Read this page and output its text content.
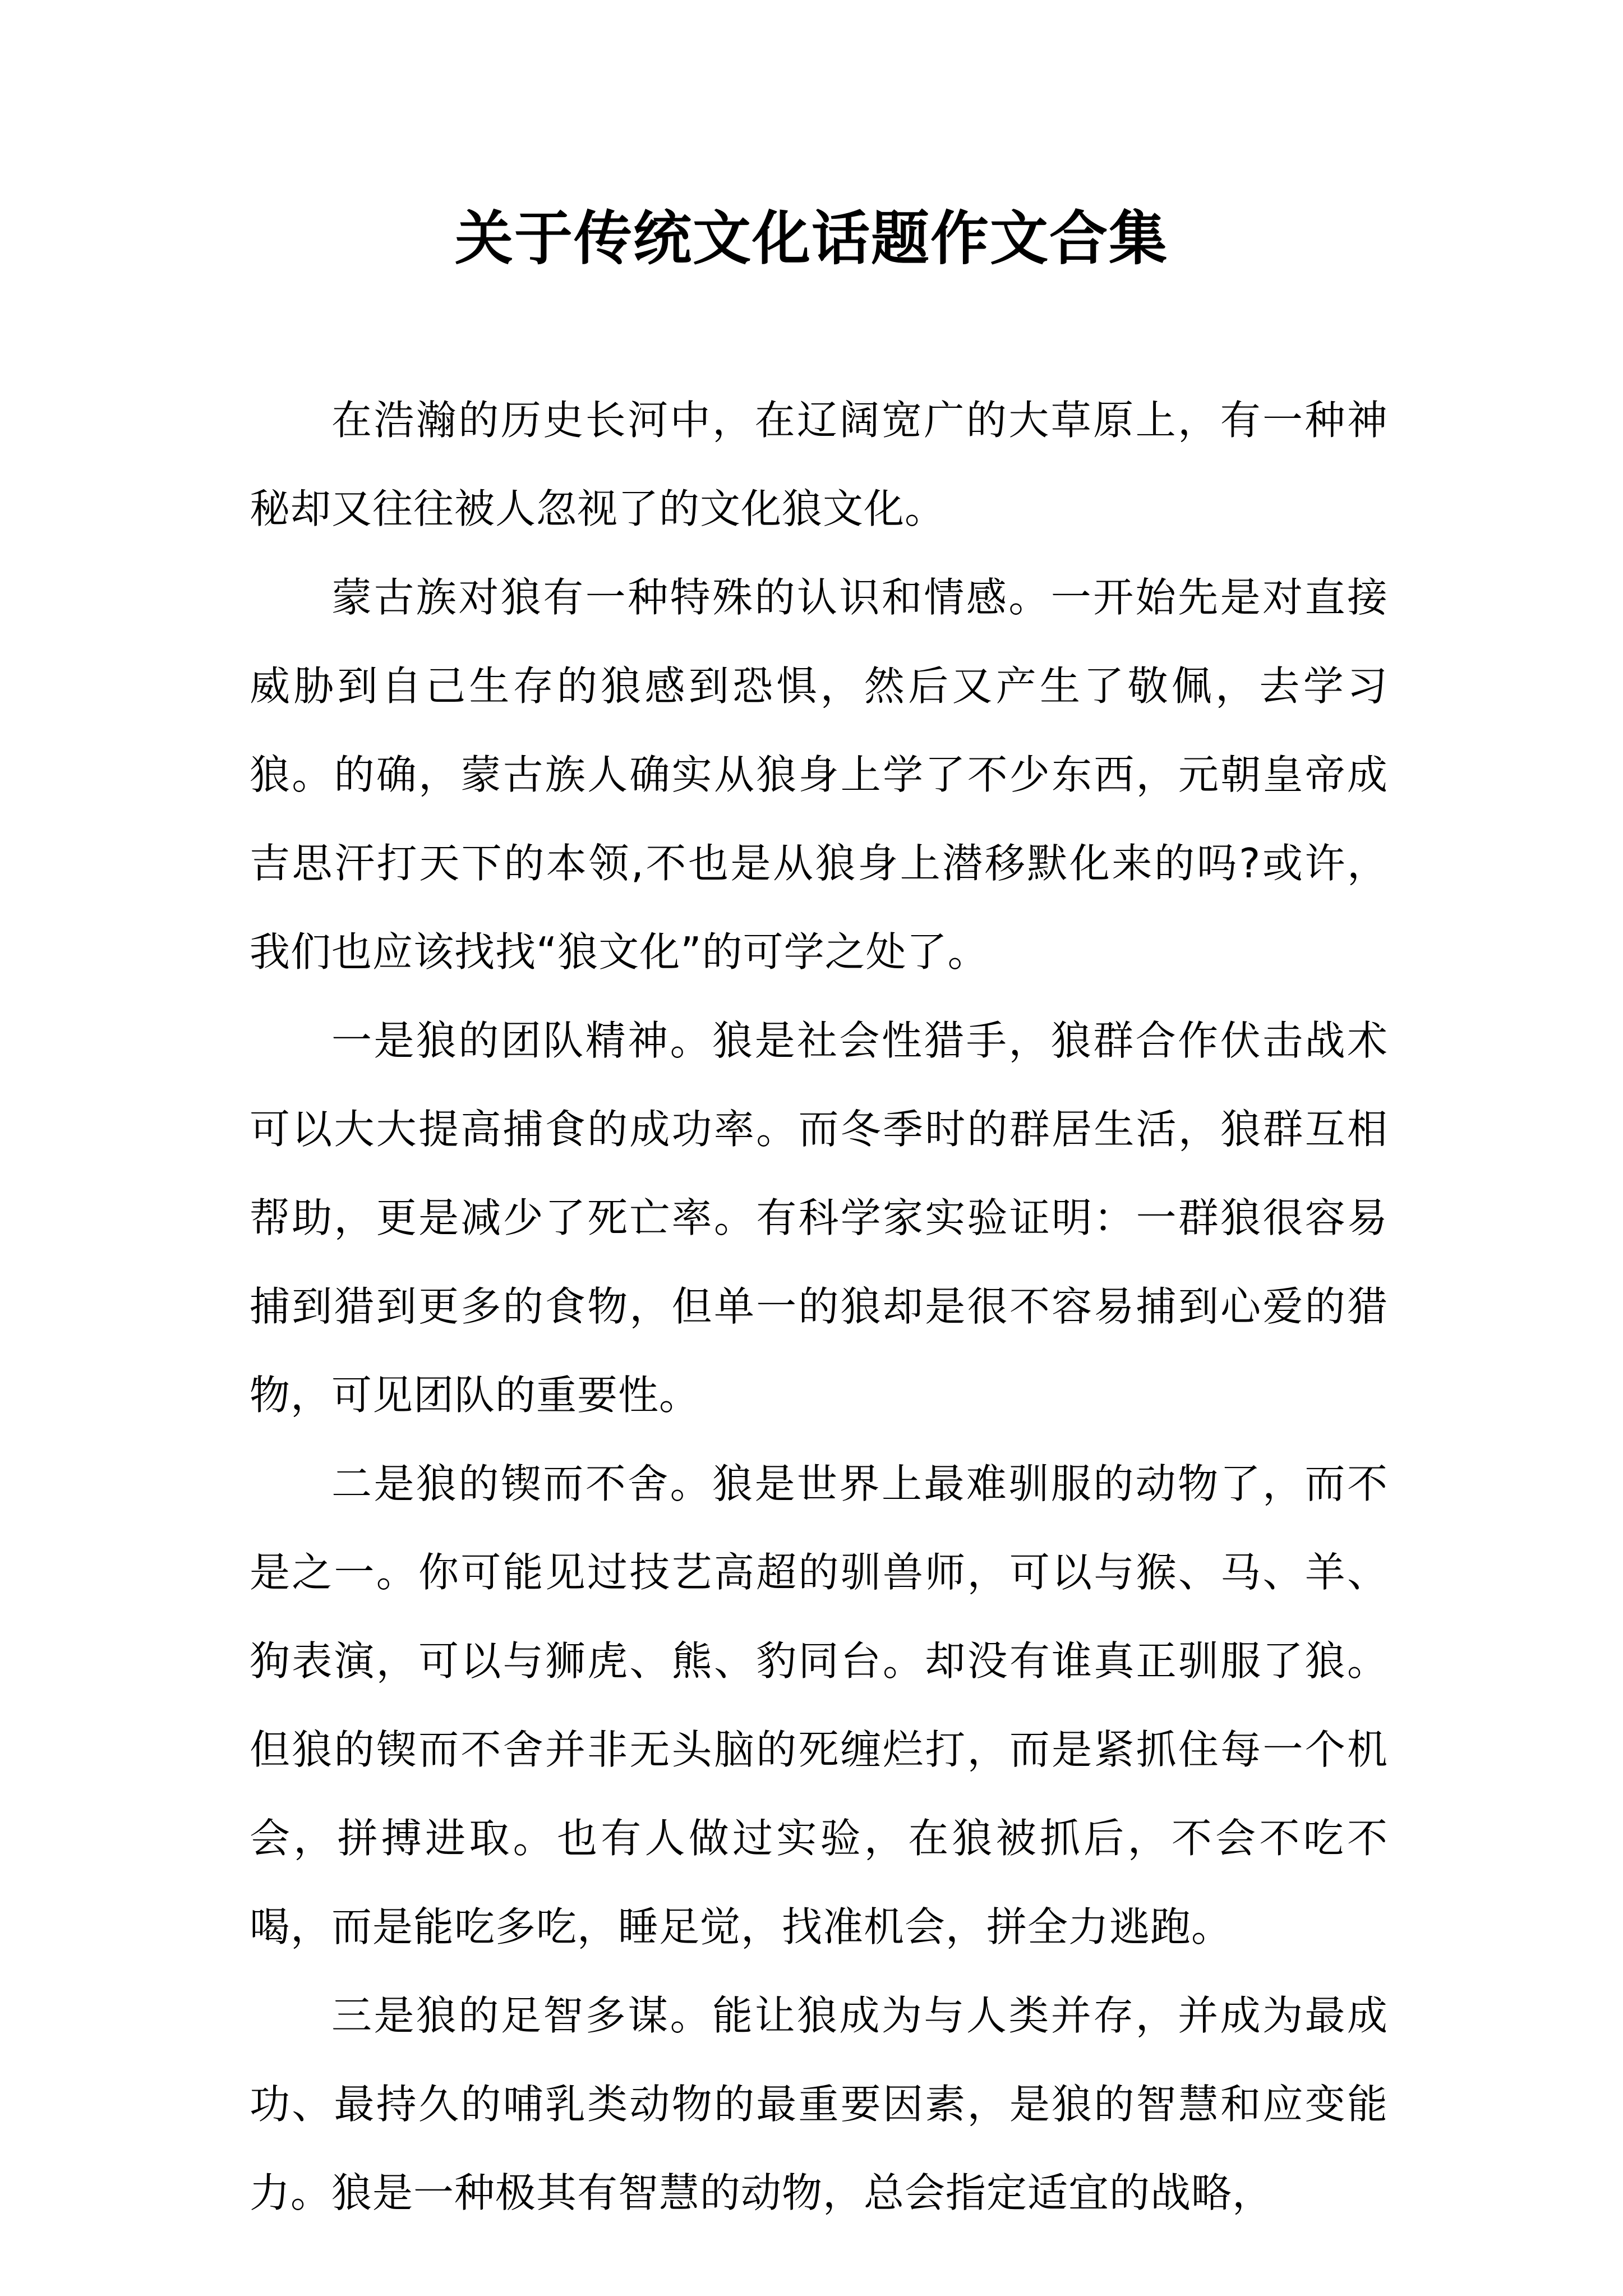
关于传统文化话题作文合集

在浩瀚的历史长河中，在辽阔宽广的大草原上，有一种神秘却又往往被人忽视了的文化狼文化。

蒙古族对狼有一种特殊的认识和情感。一开始先是对直接威胁到自己生存的狼感到恐惧，然后又产生了敬佩，去学习狼。的确，蒙古族人确实从狼身上学了不少东西，元朝皇帝成吉思汗打天下的本领,不也是从狼身上潜移默化来的吗?或许，我们也应该找找“狼文化”的可学之处了。

一是狼的团队精神。狼是社会性猎手，狼群合作伏击战术可以大大提高捕食的成功率。而冬季时的群居生活，狼群互相帮助，更是减少了死亡率。有科学家实验证明：一群狼很容易捕到猎到更多的食物，但单一的狼却是很不容易捕到心爱的猎物，可见团队的重要性。

二是狼的锲而不舍。狼是世界上最难驯服的动物了，而不是之一。你可能见过技艺高超的驯兽师，可以与猴、马、羊、狗表演，可以与狮虎、熊、豹同台。却没有谁真正驯服了狼。但狼的锲而不舍并非无头脑的死缠烂打，而是紧抓住每一个机会，拼搏进取。也有人做过实验，在狼被抓后，不会不吃不喝，而是能吃多吃，睡足觉，找准机会，拼全力逃跑。

三是狼的足智多谋。能让狼成为与人类并存，并成为最成功、最持久的哺乳类动物的最重要因素，是狼的智慧和应变能力。狼是一种极其有智慧的动物，总会指定适宜的战略，
